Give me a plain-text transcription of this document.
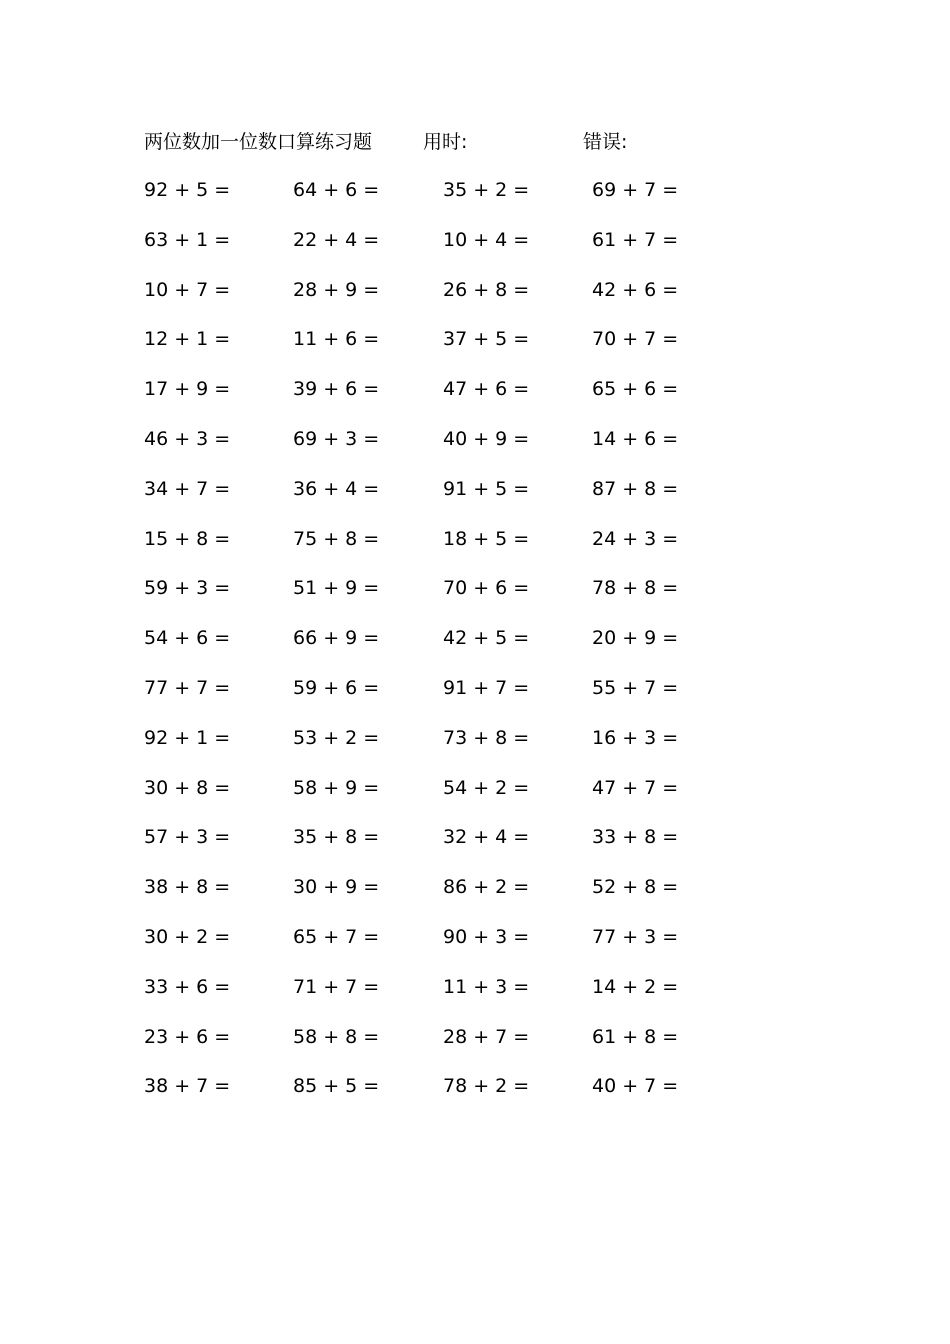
两位数加一位数口算练习题	用时:	错误:
92 + 5 =	64 + 6 =	35 + 2 =	69 + 7 =
63 + 1 =	22 + 4 =	10 + 4 =	61 + 7 =
10 + 7 =	28 + 9 =	26 + 8 =	42 + 6 =
12 + 1 =	11 + 6 =	37 + 5 =	70 + 7 =
17 + 9 =	39 + 6 =	47 + 6 =	65 + 6 =
46 + 3 =	69 + 3 =	40 + 9 =	14 + 6 =
34 + 7 =	36 + 4 =	91 + 5 =	87 + 8 =
15 + 8 =	75 + 8 =	18 + 5 =	24 + 3 =
59 + 3 =	51 + 9 =	70 + 6 =	78 + 8 =
54 + 6 =	66 + 9 =	42 + 5 =	20 + 9 =
77 + 7 =	59 + 6 =	91 + 7 =	55 + 7 =
92 + 1 =	53 + 2 =	73 + 8 =	16 + 3 =
30 + 8 =	58 + 9 =	54 + 2 =	47 + 7 =
57 + 3 =	35 + 8 =	32 + 4 =	33 + 8 =
38 + 8 =	30 + 9 =	86 + 2 =	52 + 8 =
30 + 2 =	65 + 7 =	90 + 3 =	77 + 3 =
33 + 6 =	71 + 7 =	11 + 3 =	14 + 2 =
23 + 6 =	58 + 8 =	28 + 7 =	61 + 8 =
38 + 7 =	85 + 5 =	78 + 2 =	40 + 7 =
